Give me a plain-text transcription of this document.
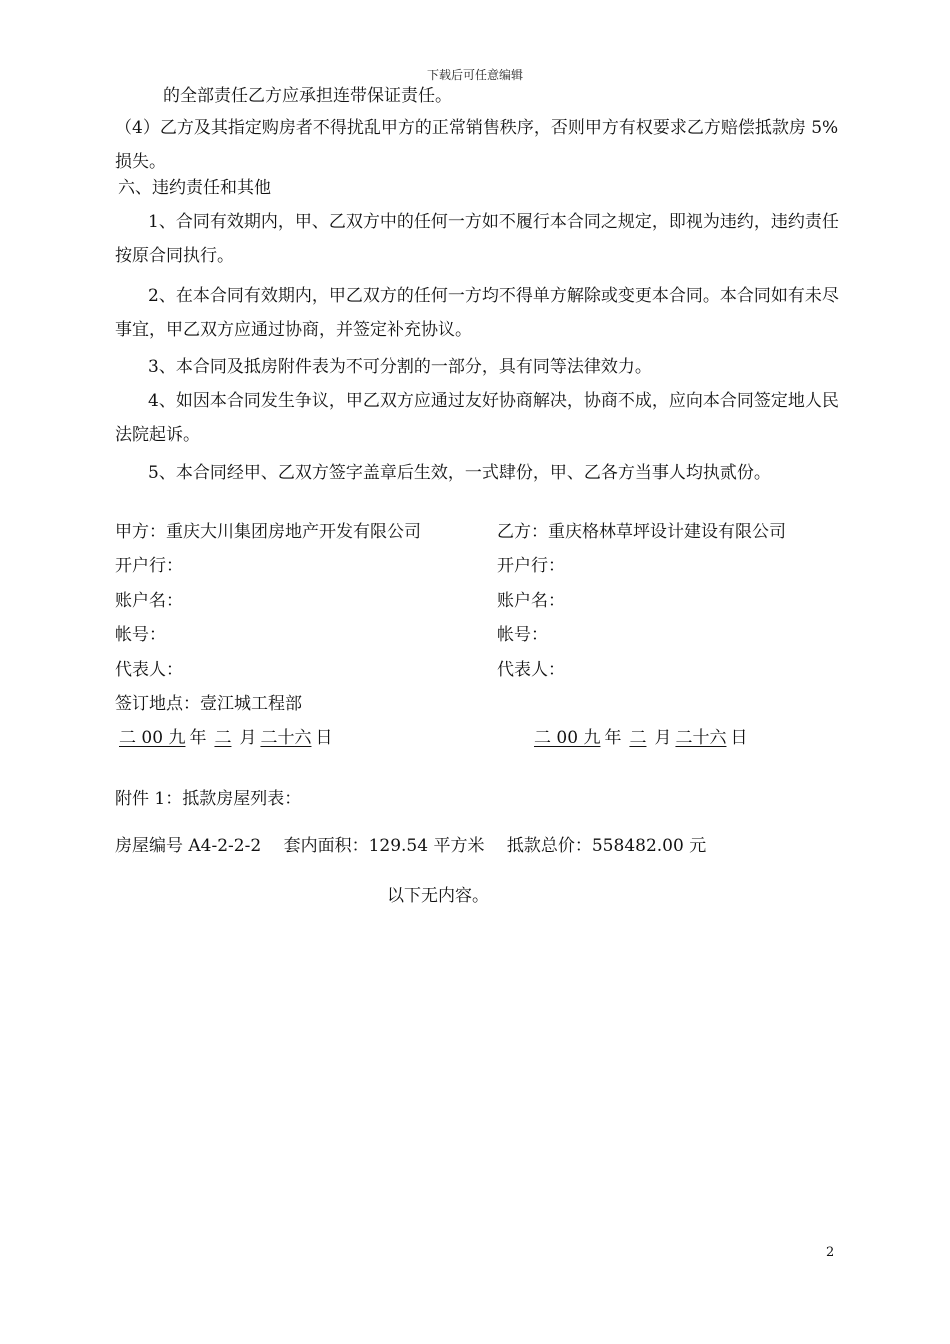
下载后可任意编辑

的全部责任乙方应承担连带保证责任。

（4）乙方及其指定购房者不得扰乱甲方的正常销售秩序，否则甲方有权要求乙方赔偿抵款房 5%损失。

六、违约责任和其他

1、合同有效期内，甲、乙双方中的任何一方如不履行本合同之规定，即视为违约，违约责任按原合同执行。

2、在本合同有效期内，甲乙双方的任何一方均不得单方解除或变更本合同。本合同如有未尽事宜，甲乙双方应通过协商，并签定补充协议。

3、本合同及抵房附件表为不可分割的一部分，具有同等法律效力。

4、如因本合同发生争议，甲乙双方应通过友好协商解决，协商不成，应向本合同签定地人民法院起诉。

5、本合同经甲、乙双方签字盖章后生效，一式肆份，甲、乙各方当事人均执贰份。

甲方：重庆大川集团房地产开发有限公司
开户行：
账户名：
帐号：
代表人：
签订地点：壹江城工程部
二 00 九 年 二 月 二十六 日
乙方：重庆格林草坪设计建设有限公司
开户行：
账户名：
帐号：
代表人：
二 00 九 年 二 月 二十六 日
附件 1：抵款房屋列表：
房屋编号 A4-2-2-2　 套内面积：129.54 平方米　 抵款总价：558482.00 元
以下无内容。
2
